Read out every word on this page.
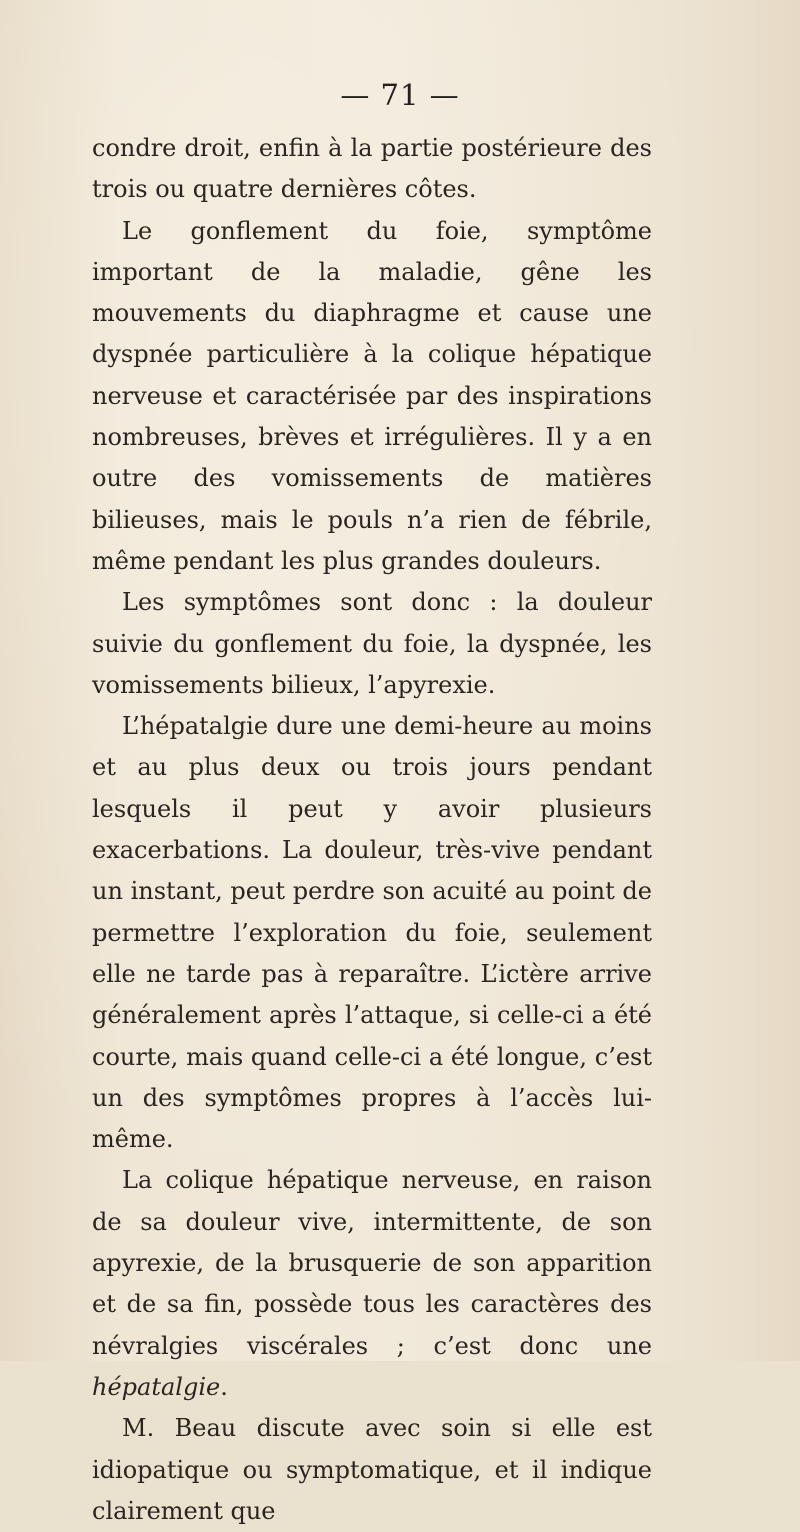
— 71 —

condre droit, enfin à la partie postérieure des trois ou quatre dernières côtes.

Le gonflement du foie, symptôme important de la maladie, gêne les mouvements du diaphragme et cause une dyspnée particulière à la colique hépatique nerveuse et caractérisée par des inspirations nombreuses, brèves et irrégulières. Il y a en outre des vomissements de matières bilieuses, mais le pouls n’a rien de fébrile, même pendant les plus grandes douleurs.

Les symptômes sont donc : la douleur suivie du gonflement du foie, la dyspnée, les vomissements bilieux, l’apyrexie.

L’hépatalgie dure une demi-heure au moins et au plus deux ou trois jours pendant lesquels il peut y avoir plusieurs exacerbations. La douleur, très-vive pendant un instant, peut perdre son acuité au point de permettre l’exploration du foie, seulement elle ne tarde pas à reparaître. L’ictère arrive généralement après l’attaque, si celle-ci a été courte, mais quand celle-ci a été longue, c’est un des symptômes propres à l’accès lui-même.

La colique hépatique nerveuse, en raison de sa douleur vive, intermittente, de son apyrexie, de la brusquerie de son apparition et de sa fin, possède tous les caractères des névralgies viscérales ; c’est donc une hépatalgie.

M. Beau discute avec soin si elle est idiopatique ou symptomatique, et il indique clairement que
